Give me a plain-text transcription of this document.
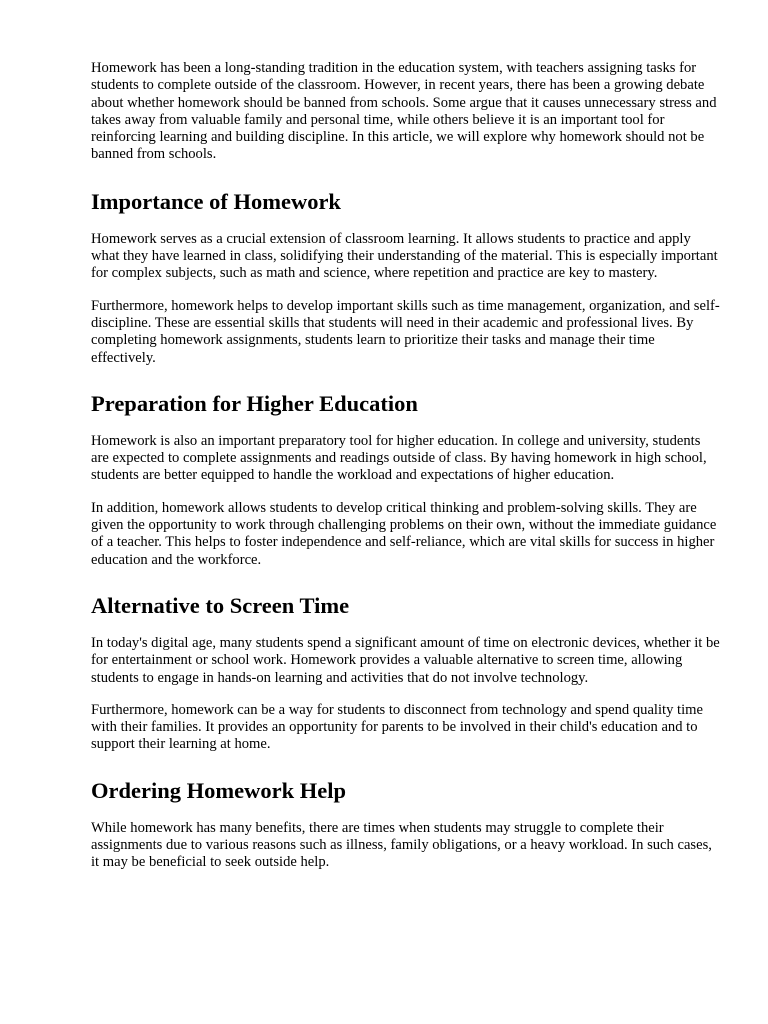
Homework has been a long-standing tradition in the education system, with teachers assigning tasks for students to complete outside of the classroom. However, in recent years, there has been a growing debate about whether homework should be banned from schools. Some argue that it causes unnecessary stress and takes away from valuable family and personal time, while others believe it is an important tool for reinforcing learning and building discipline. In this article, we will explore why homework should not be banned from schools.

Importance of Homework

Homework serves as a crucial extension of classroom learning. It allows students to practice and apply what they have learned in class, solidifying their understanding of the material. This is especially important for complex subjects, such as math and science, where repetition and practice are key to mastery.

Furthermore, homework helps to develop important skills such as time management, organization, and self-discipline. These are essential skills that students will need in their academic and professional lives. By completing homework assignments, students learn to prioritize their tasks and manage their time effectively.

Preparation for Higher Education

Homework is also an important preparatory tool for higher education. In college and university, students are expected to complete assignments and readings outside of class. By having homework in high school, students are better equipped to handle the workload and expectations of higher education.

In addition, homework allows students to develop critical thinking and problem-solving skills. They are given the opportunity to work through challenging problems on their own, without the immediate guidance of a teacher. This helps to foster independence and self-reliance, which are vital skills for success in higher education and the workforce.

Alternative to Screen Time

In today's digital age, many students spend a significant amount of time on electronic devices, whether it be for entertainment or school work. Homework provides a valuable alternative to screen time, allowing students to engage in hands-on learning and activities that do not involve technology.

Furthermore, homework can be a way for students to disconnect from technology and spend quality time with their families. It provides an opportunity for parents to be involved in their child's education and to support their learning at home.

Ordering Homework Help

While homework has many benefits, there are times when students may struggle to complete their assignments due to various reasons such as illness, family obligations, or a heavy workload. In such cases, it may be beneficial to seek outside help.
